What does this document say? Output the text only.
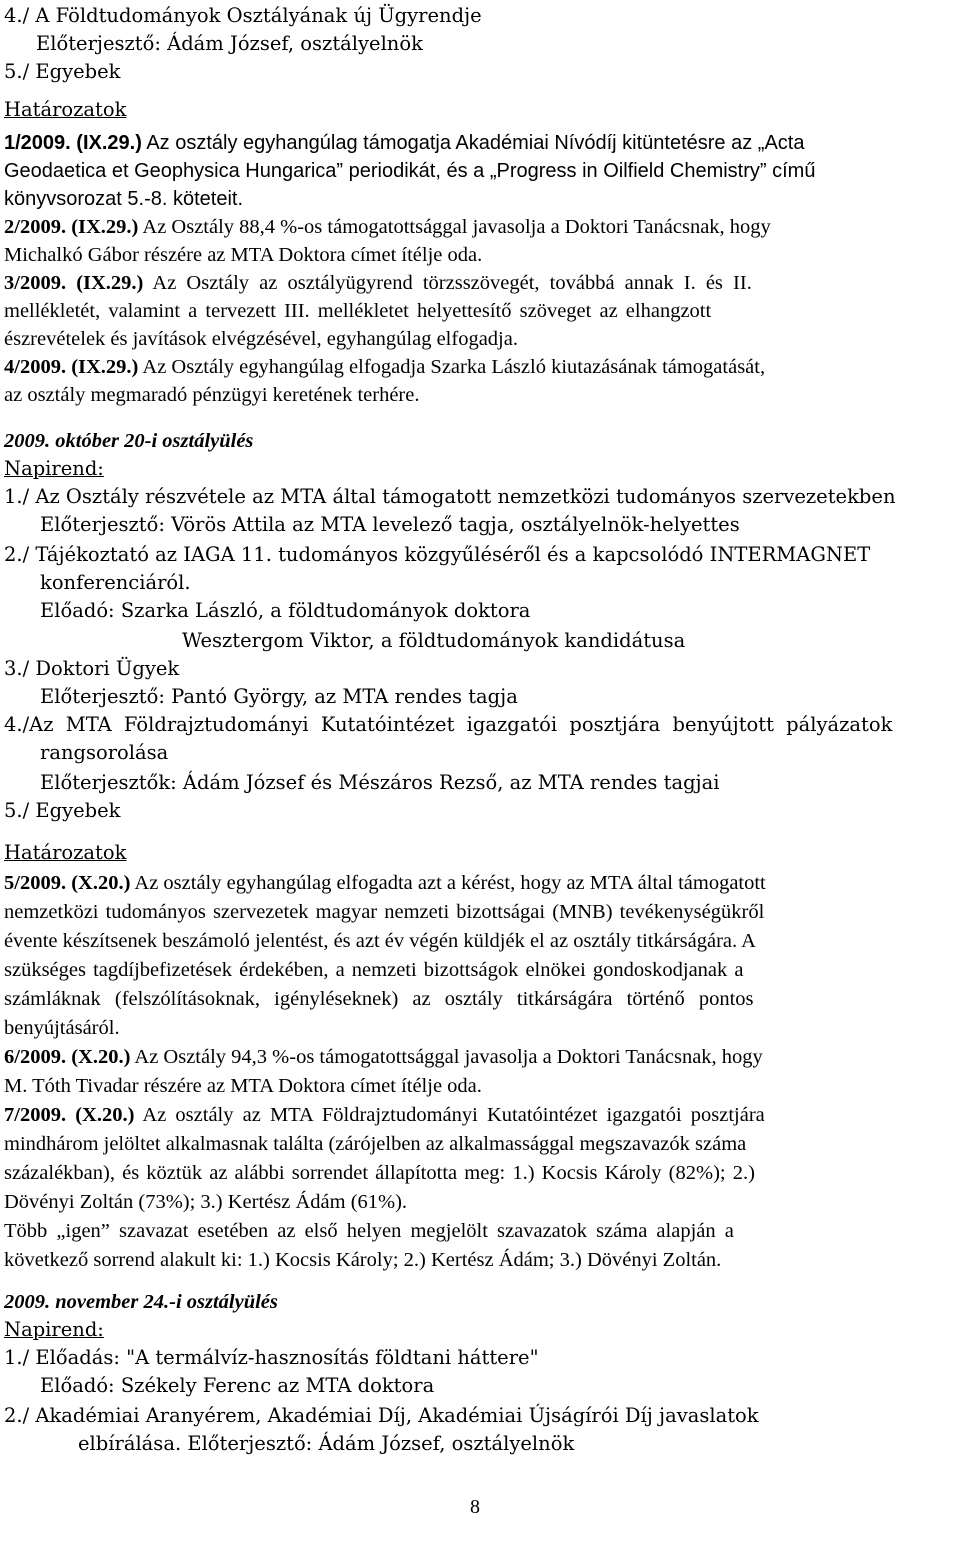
4./ A Földtudományok Osztályának új Ügyrendje
Előterjesztő: Ádám József, osztályelnök
5./ Egyebek
Határozatok
1/2009. (IX.29.) Az osztály egyhangúlag támogatja Akadémiai Nívódíj kitüntetésre az „Acta
Geodaetica et Geophysica Hungarica” periodikát, és a „Progress in Oilfield Chemistry” című
könyvsorozat 5.-8. köteteit.
2/2009. (IX.29.) Az Osztály 88,4 %-os támogatottsággal javasolja a Doktori Tanácsnak, hogy
Michalkó Gábor részére az MTA Doktora címet ítélje oda.
3/2009. (IX.29.) Az Osztály az osztályügyrend törzsszövegét, továbbá annak I. és II.
mellékletét, valamint a tervezett III. mellékletet helyettesítő szöveget az elhangzott
észrevételek és javítások elvégzésével, egyhangúlag elfogadja.
4/2009. (IX.29.) Az Osztály egyhangúlag elfogadja Szarka László kiutazásának támogatását,
az osztály megmaradó pénzügyi keretének terhére.
2009. október 20-i osztályülés
Napirend:
1./ Az Osztály részvétele az MTA által támogatott nemzetközi tudományos szervezetekben
Előterjesztő: Vörös Attila az MTA levelező tagja, osztályelnök-helyettes
2./ Tájékoztató az IAGA 11. tudományos közgyűléséről és a kapcsolódó INTERMAGNET
konferenciáról.
Előadó: Szarka László, a földtudományok doktora
Wesztergom Viktor, a földtudományok kandidátusa
3./ Doktori Ügyek
Előterjesztő: Pantó György, az MTA rendes tagja
4./Az MTA Földrajztudományi Kutatóintézet igazgatói posztjára benyújtott pályázatok
rangsorolása
Előterjesztők: Ádám József és Mészáros Rezső, az MTA rendes tagjai
5./ Egyebek
Határozatok
5/2009. (X.20.) Az osztály egyhangúlag elfogadta azt a kérést, hogy az MTA által támogatott
nemzetközi tudományos szervezetek magyar nemzeti bizottságai (MNB) tevékenységükről
évente készítsenek beszámoló jelentést, és azt év végén küldjék el az osztály titkárságára. A
szükséges tagdíjbefizetések érdekében, a nemzeti bizottságok elnökei gondoskodjanak a
számláknak (felszólításoknak, igényléseknek) az osztály titkárságára történő pontos
benyújtásáról.
6/2009. (X.20.) Az Osztály 94,3 %-os támogatottsággal javasolja a Doktori Tanácsnak, hogy
M. Tóth Tivadar részére az MTA Doktora címet ítélje oda.
7/2009. (X.20.) Az osztály az MTA Földrajztudományi Kutatóintézet igazgatói posztjára
mindhárom jelöltet alkalmasnak találta (zárójelben az alkalmassággal megszavazók száma
százalékban), és köztük az alábbi sorrendet állapította meg: 1.) Kocsis Károly (82%); 2.)
Dövényi Zoltán (73%); 3.) Kertész Ádám (61%).
Több „igen” szavazat esetében az első helyen megjelölt szavazatok száma alapján a
következő sorrend alakult ki: 1.) Kocsis Károly; 2.) Kertész Ádám; 3.) Dövényi Zoltán.
2009. november 24.-i osztályülés
Napirend:
1./ Előadás: "A termálvíz-hasznosítás földtani háttere"
Előadó: Székely Ferenc az MTA doktora
2./ Akadémiai Aranyérem, Akadémiai Díj, Akadémiai Újságírói Díj javaslatok
elbírálása. Előterjesztő: Ádám József, osztályelnök
8
